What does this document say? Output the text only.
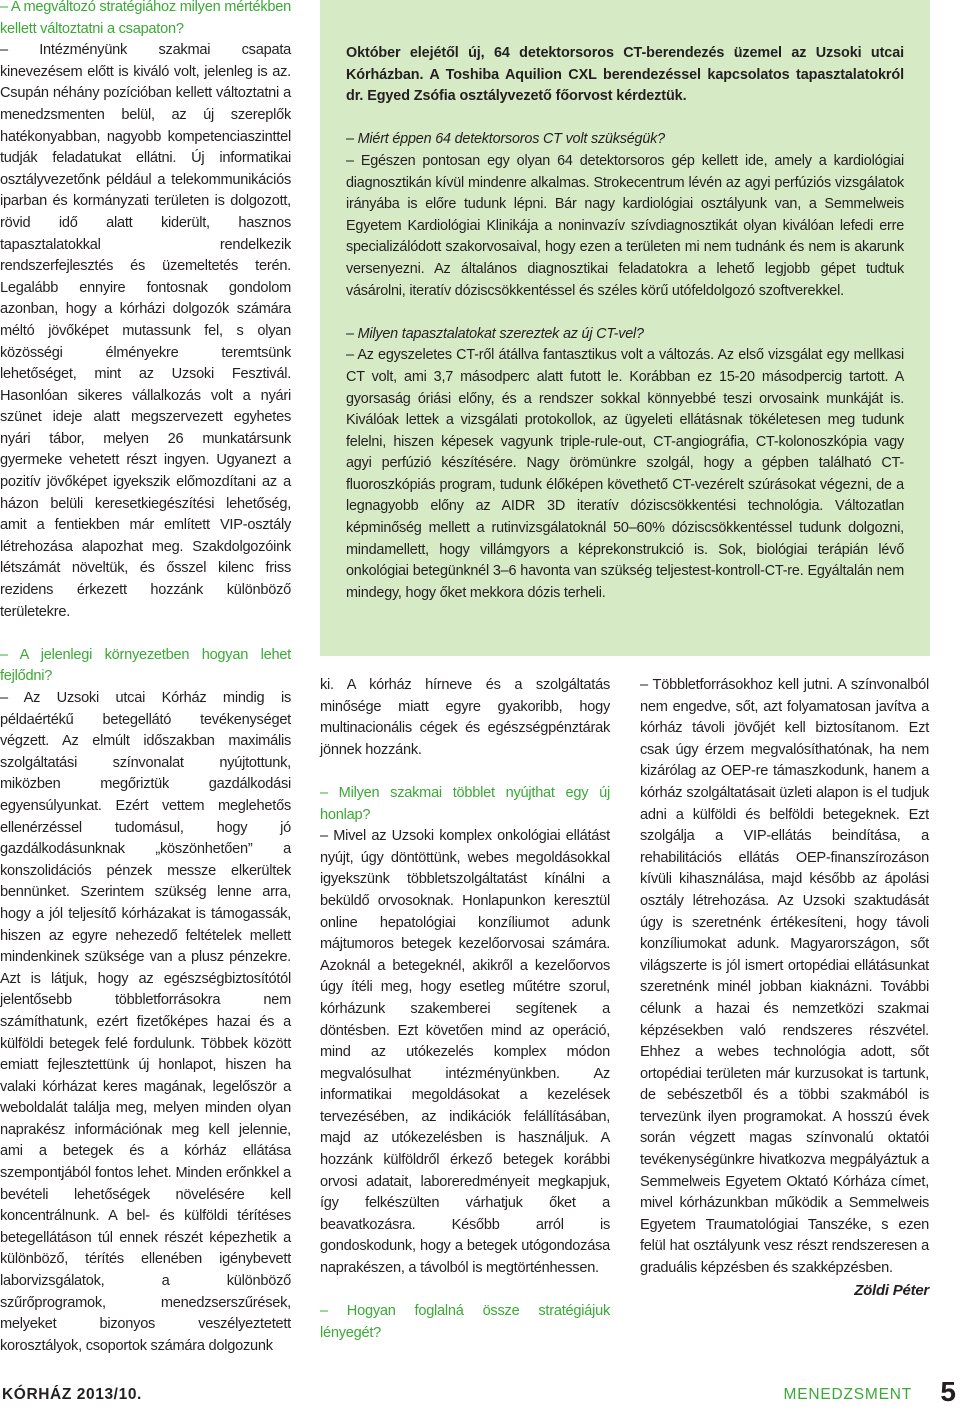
– A megváltozó stratégiához milyen mértékben kellett változtatni a csapaton?

– Intézményünk szakmai csapata kinevezésem előtt is kiváló volt, jelenleg is az. Csupán néhány pozícióban kellett változtatni a menedzsmenten belül, az új szereplők hatékonyabban, nagyobb kompetenciaszinttel tudják feladatukat ellátni. Új informatikai osztályvezetőnk például a telekommunikációs iparban és kormányzati területen is dolgozott, rövid idő alatt kiderült, hasznos tapasztalatokkal rendelkezik rendszerfejlesztés és üzemeltetés terén. Legalább ennyire fontosnak gondolom azonban, hogy a kórházi dolgozók számára méltó jövőképet mutassunk fel, s olyan közösségi élményekre teremtsünk lehetőséget, mint az Uzsoki Fesztivál. Hasonlóan sikeres vállalkozás volt a nyári szünet ideje alatt megszervezett egyhetes nyári tábor, melyen 26 munkatársunk gyermeke vehetett részt ingyen. Ugyanezt a pozitív jövőképet igyekszik előmozdítani az a házon belüli keresetkiegészítési lehetőség, amit a fentiekben már említett VIP-osztály létrehozása alapozhat meg. Szakdolgozóink létszámát növeltük, és ősszel kilenc friss rezidens érkezett hozzánk különböző területekre.

– A jelenlegi környezetben hogyan lehet fejlődni?

– Az Uzsoki utcai Kórház mindig is példaértékű betegellátó tevékenységet végzett. Az elmúlt időszakban maximális szolgáltatási színvonalat nyújtottunk, miközben megőriztük gazdálkodási egyensúlyunkat. Ezért vettem meglehetős ellenérzéssel tudomásul, hogy jó gazdálkodásunknak „köszönhetően” a konszolidációs pénzek messze elkerültek bennünket. Szerintem szükség lenne arra, hogy a jól teljesítő kórházakat is támogassák, hiszen az egyre nehezedő feltételek mellett mindenkinek szüksége van a plusz pénzekre. Azt is látjuk, hogy az egészségbiztosítótól jelentősebb többletforrásokra nem számíthatunk, ezért fizetőképes hazai és a külföldi betegek felé fordulunk. Többek között emiatt fejlesztettünk új honlapot, hiszen ha valaki kórházat keres magának, legelőször a weboldalát találja meg, melyen minden olyan naprakész információnak meg kell jelennie, ami a betegek és a kórház ellátása szempontjából fontos lehet. Minden erőnkkel a bevételi lehetőségek növelésére kell koncentrálnunk. A bel- és külföldi térítéses betegellátáson túl ennek részét képezhetik a különböző, térítés ellenében igénybevett laborvizsgálatok, a különböző szűrőprogramok, menedzserszűrések, melyeket bizonyos veszélyeztetett korosztályok, csoportok számára dolgozunk

Október elejétől új, 64 detektorsoros CT-berendezés üzemel az Uzsoki utcai Kórházban. A Toshiba Aquilion CXL berendezéssel kapcsolatos tapasztalatokról dr. Egyed Zsófia osztályvezető főorvost kérdeztük.

– Miért éppen 64 detektorsoros CT volt szükségük?

– Egészen pontosan egy olyan 64 detektorsoros gép kellett ide, amely a kardiológiai diagnosztikán kívül mindenre alkalmas. Strokecentrum lévén az agyi perfúziós vizsgálatok irányába is előre tudunk lépni. Bár nagy kardiológiai osztályunk van, a Semmelweis Egyetem Kardiológiai Klinikája a noninvazív szívdiagnosztikát olyan kiválóan lefedi erre specializálódott szakorvosaival, hogy ezen a területen mi nem tudnánk és nem is akarunk versenyezni. Az általános diagnosztikai feladatokra a lehető legjobb gépet tudtuk vásárolni, iteratív dóziscsökkentéssel és széles körű utófeldolgozó szoftverekkel.

– Milyen tapasztalatokat szereztek az új CT-vel?

– Az egyszeletes CT-ről átállva fantasztikus volt a változás. Az első vizsgálat egy mellkasi CT volt, ami 3,7 másodperc alatt futott le. Korábban ez 15-20 másodpercig tartott. A gyorsaság óriási előny, és a rendszer sokkal könnyebbé teszi orvosaink munkáját is. Kiválóak lettek a vizsgálati protokollok, az ügyeleti ellátásnak tökéletesen meg tudunk felelni, hiszen képesek vagyunk triple-rule-out, CT-angiográfia, CT-kolonoszkópia vagy agyi perfúzió készítésére. Nagy örömünkre szolgál, hogy a gépben található CT-fluoroszkópiás program, tudunk élőképen követhető CT-vezérelt szúrásokat végezni, de a legnagyobb előny az AIDR 3D iteratív dóziscsökkentési technológia. Változatlan képminőség mellett a rutinvizsgálatoknál 50–60% dóziscsökkentéssel tudunk dolgozni, mindamellett, hogy villámgyors a képrekonstrukció is. Sok, biológiai terápián lévő onkológiai betegünknél 3–6 havonta van szükség teljestest-kontroll-CT-re. Egyáltalán nem mindegy, hogy őket mekkora dózis terheli.

ki. A kórház hírneve és a szolgáltatás minősége miatt egyre gyakoribb, hogy multinacionális cégek és egészségpénztárak jönnek hozzánk.

– Milyen szakmai többlet nyújthat egy új honlap?

– Mivel az Uzsoki komplex onkológiai ellátást nyújt, úgy döntöttünk, webes megoldásokkal igyekszünk többletszolgáltatást kínálni a beküldő orvosoknak. Honlapunkon keresztül online hepatológiai konzíliumot adunk májtumoros betegek kezelőorvosai számára. Azoknál a betegeknél, akikről a kezelőorvos úgy ítéli meg, hogy esetleg műtétre szorul, kórházunk szakemberei segítenek a döntésben. Ezt követően mind az operáció, mind az utókezelés komplex módon megvalósulhat intézményünkben. Az informatikai megoldásokat a kezelések tervezésében, az indikációk felállításában, majd az utókezelésben is használjuk. A hozzánk külföldről érkező betegek korábbi orvosi adatait, laboreredményeit megkapjuk, így felkészülten várhatjuk őket a beavatkozásra. Később arról is gondoskodunk, hogy a betegek utógondozása naprakészen, a távolból is megtörténhessen.

– Hogyan foglalná össze stratégiájuk lényegét?

– Többletforrásokhoz kell jutni. A színvonalból nem engedve, sőt, azt folyamatosan javítva a kórház távoli jövőjét kell biztosítanom. Ezt csak úgy érzem megvalósíthatónak, ha nem kizárólag az OEP-re támaszkodunk, hanem a kórház szolgáltatásait üzleti alapon is el tudjuk adni a külföldi és belföldi betegeknek. Ezt szolgálja a VIP-ellátás beindítása, a rehabilitációs ellátás OEP-finanszírozáson kívüli kihasználása, majd később az ápolási osztály létrehozása. Az Uzsoki szaktudását úgy is szeretnénk értékesíteni, hogy távoli konzíliumokat adunk. Magyarországon, sőt világszerte is jól ismert ortopédiai ellátásunkat szeretnénk minél jobban kiaknázni. További célunk a hazai és nemzetközi szakmai képzésekben való rendszeres részvétel. Ehhez a webes technológia adott, sőt ortopédiai területen már kurzusokat is tartunk, de sebészetből és a többi szakmából is tervezünk ilyen programokat. A hosszú évek során végzett magas színvonalú oktatói tevékenységünkre hivatkozva megpályáztuk a Semmelweis Egyetem Oktató Kórháza címet, mivel kórházunkban működik a Semmelweis Egyetem Traumatológiai Tanszéke, s ezen felül hat osztályunk vesz részt rendszeresen a graduális képzésben és szakképzésben.

Zöldi Péter

KÓRHÁZ 2013/10.	MENEDZSMENT 5
